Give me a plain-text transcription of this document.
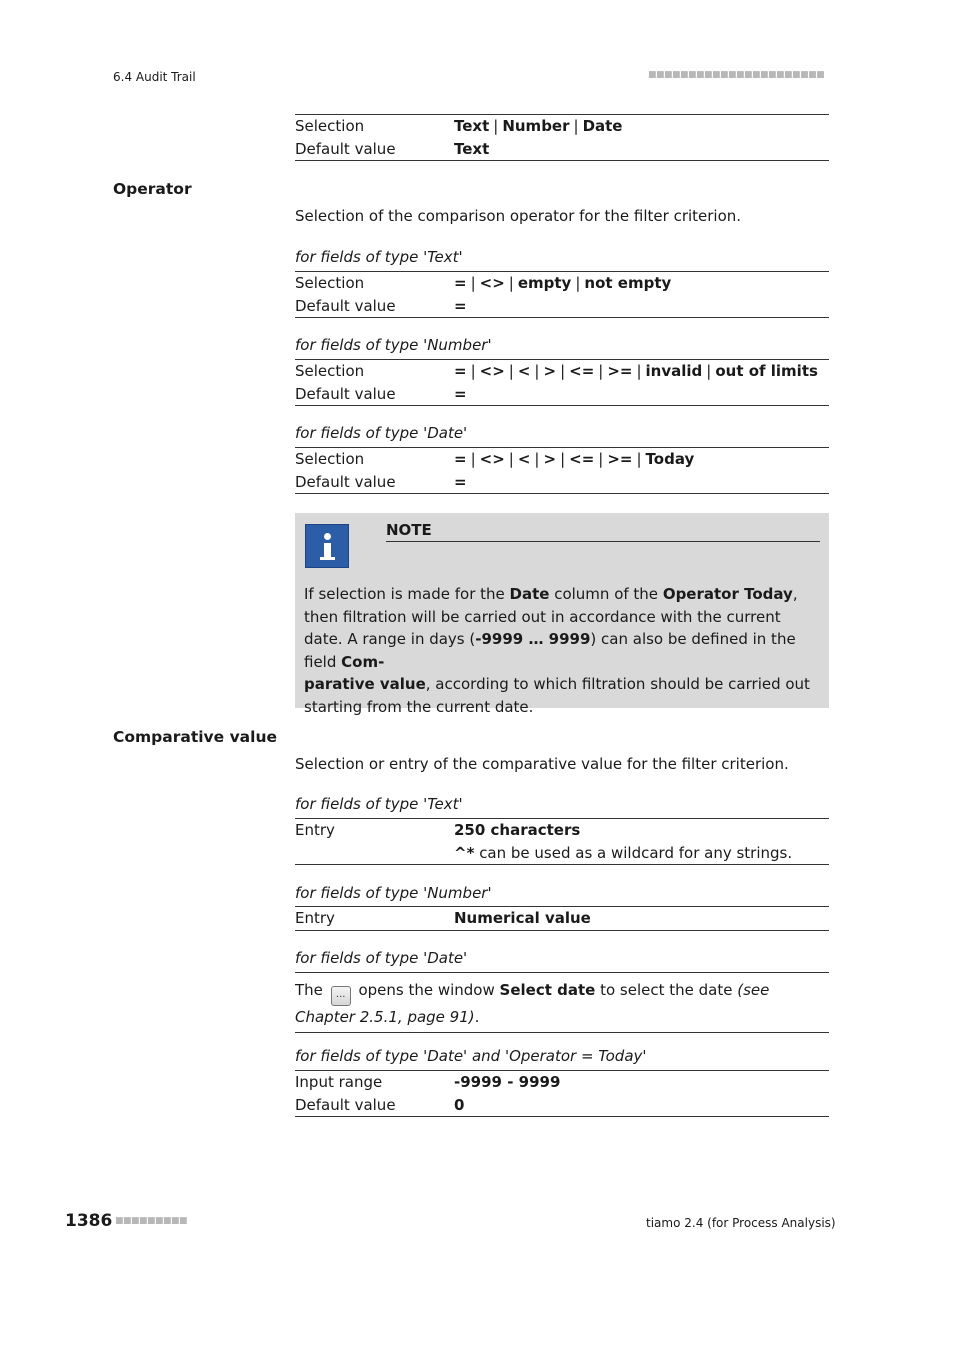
6.4 Audit Trail	■■■■■■■■■■■■■■■■■■■■■■
Selection	Text | Number | Date
Default value	Text
Operator
Selection of the comparison operator for the filter criterion.
for fields of type 'Text'
Selection	= | <> | empty | not empty
Default value	=
for fields of type 'Number'
Selection	= | <> | < | > | <= | >= | invalid | out of limits
Default value	=
for fields of type 'Date'
Selection	= | <> | < | > | <= | >= | Today
Default value	=
NOTE
If selection is made for the Date column of the Operator Today, then filtration will be carried out in accordance with the current date. A range in days (-9999 … 9999) can also be defined in the field Com-
parative value, according to which filtration should be carried out starting from the current date.
Comparative value
Selection or entry of the comparative value for the filter criterion.
for fields of type 'Text'
Entry	250 characters
^* can be used as a wildcard for any strings.
for fields of type 'Number'
Entry	Numerical value
for fields of type 'Date'
The ... opens the window Select date to select the date (see Chapter 2.5.1, page 91).
for fields of type 'Date' and 'Operator = Today'
Input range	-9999 - 9999
Default value	0
1386 ■■■■■■■■■	tiamo 2.4 (for Process Analysis)
